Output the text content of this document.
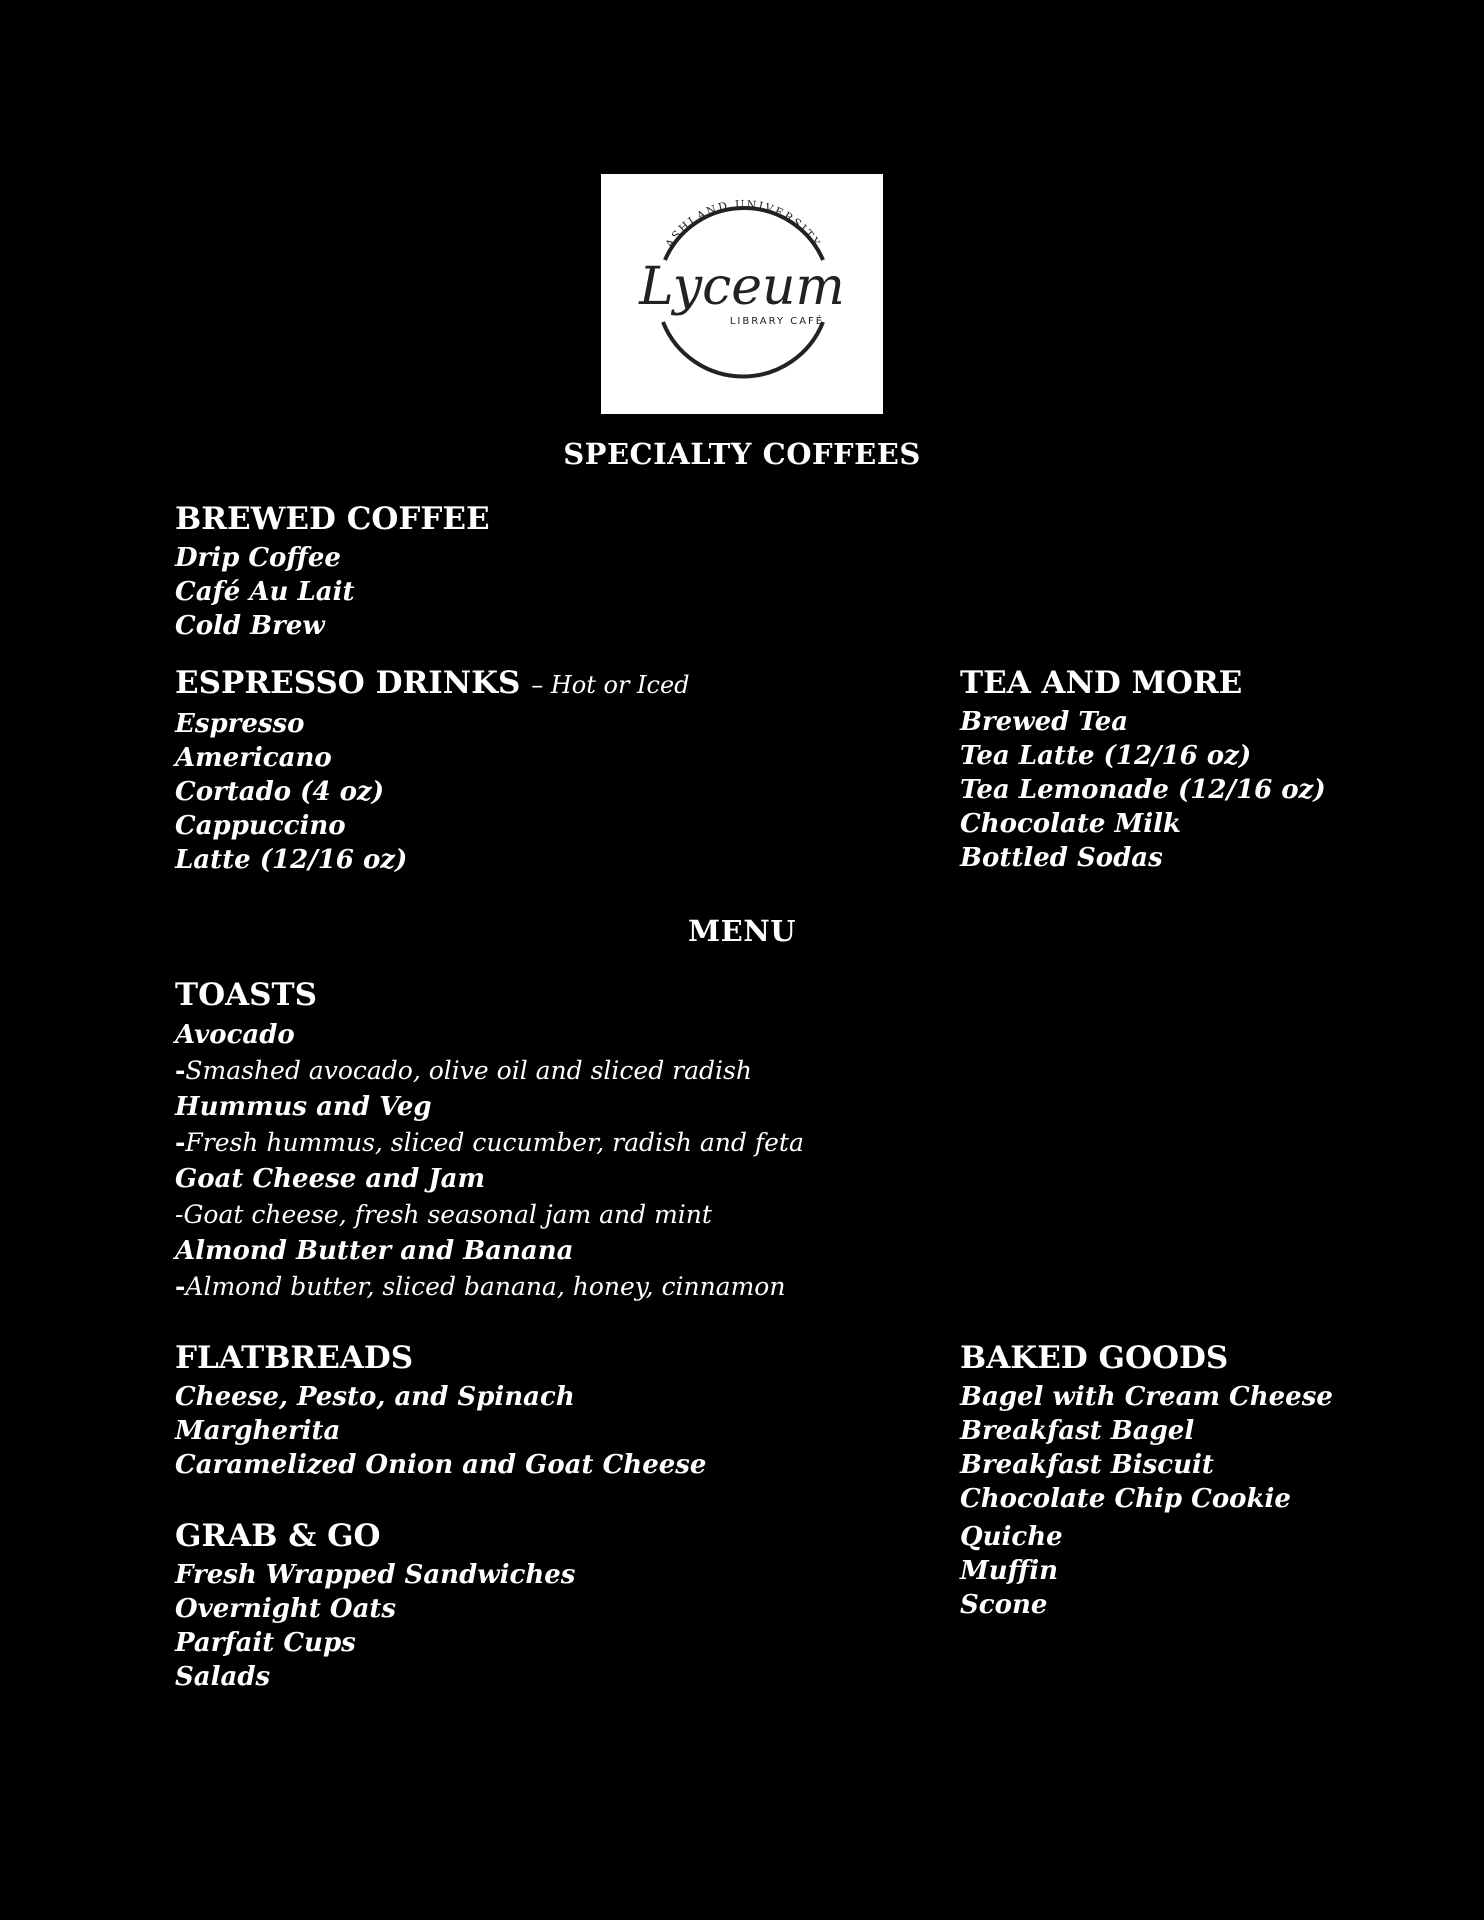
ASHLAND UNIVERSITY
Lyceum
LIBRARY CAFÉ
SPECIALTY COFFEES
BREWED COFFEE
Drip Coffee
Café Au Lait
Cold Brew
ESPRESSO DRINKS – Hot or Iced
Espresso
Americano
Cortado (4 oz)
Cappuccino
Latte (12/16 oz)
TEA AND MORE
Brewed Tea
Tea Latte (12/16 oz)
Tea Lemonade (12/16 oz)
Chocolate Milk
Bottled Sodas
MENU
TOASTS
Avocado
-Smashed avocado, olive oil and sliced radish
Hummus and Veg
-Fresh hummus, sliced cucumber, radish and feta
Goat Cheese and Jam
-Goat cheese, fresh seasonal jam and mint
Almond Butter and Banana
-Almond butter, sliced banana, honey, cinnamon
FLATBREADS
Cheese, Pesto, and Spinach
Margherita
Caramelized Onion and Goat Cheese
GRAB & GO
Fresh Wrapped Sandwiches
Overnight Oats
Parfait Cups
Salads
BAKED GOODS
Bagel with Cream Cheese
Breakfast Bagel
Breakfast Biscuit
Chocolate Chip Cookie
Quiche
Muffin
Scone
